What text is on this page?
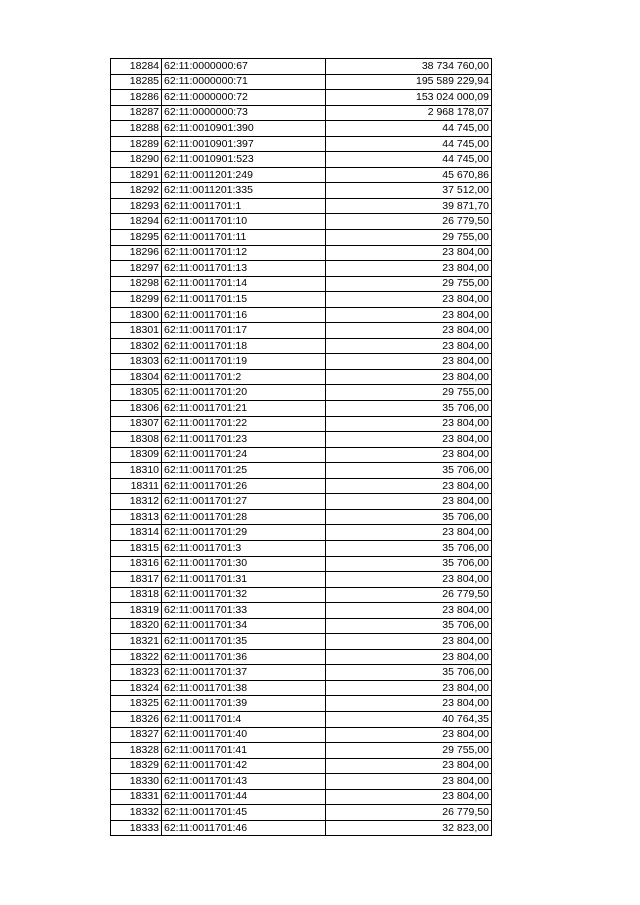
18284	62:11:0000000:67	38 734 760,00
18285	62:11:0000000:71	195 589 229,94
18286	62:11:0000000:72	153 024 000,09
18287	62:11:0000000:73	2 968 178,07
18288	62:11:0010901:390	44 745,00
18289	62:11:0010901:397	44 745,00
18290	62:11:0010901:523	44 745,00
18291	62:11:0011201:249	45 670,86
18292	62:11:0011201:335	37 512,00
18293	62:11:0011701:1	39 871,70
18294	62:11:0011701:10	26 779,50
18295	62:11:0011701:11	29 755,00
18296	62:11:0011701:12	23 804,00
18297	62:11:0011701:13	23 804,00
18298	62:11:0011701:14	29 755,00
18299	62:11:0011701:15	23 804,00
18300	62:11:0011701:16	23 804,00
18301	62:11:0011701:17	23 804,00
18302	62:11:0011701:18	23 804,00
18303	62:11:0011701:19	23 804,00
18304	62:11:0011701:2	23 804,00
18305	62:11:0011701:20	29 755,00
18306	62:11:0011701:21	35 706,00
18307	62:11:0011701:22	23 804,00
18308	62:11:0011701:23	23 804,00
18309	62:11:0011701:24	23 804,00
18310	62:11:0011701:25	35 706,00
18311	62:11:0011701:26	23 804,00
18312	62:11:0011701:27	23 804,00
18313	62:11:0011701:28	35 706,00
18314	62:11:0011701:29	23 804,00
18315	62:11:0011701:3	35 706,00
18316	62:11:0011701:30	35 706,00
18317	62:11:0011701:31	23 804,00
18318	62:11:0011701:32	26 779,50
18319	62:11:0011701:33	23 804,00
18320	62:11:0011701:34	35 706,00
18321	62:11:0011701:35	23 804,00
18322	62:11:0011701:36	23 804,00
18323	62:11:0011701:37	35 706,00
18324	62:11:0011701:38	23 804,00
18325	62:11:0011701:39	23 804,00
18326	62:11:0011701:4	40 764,35
18327	62:11:0011701:40	23 804,00
18328	62:11:0011701:41	29 755,00
18329	62:11:0011701:42	23 804,00
18330	62:11:0011701:43	23 804,00
18331	62:11:0011701:44	23 804,00
18332	62:11:0011701:45	26 779,50
18333	62:11:0011701:46	32 823,00
